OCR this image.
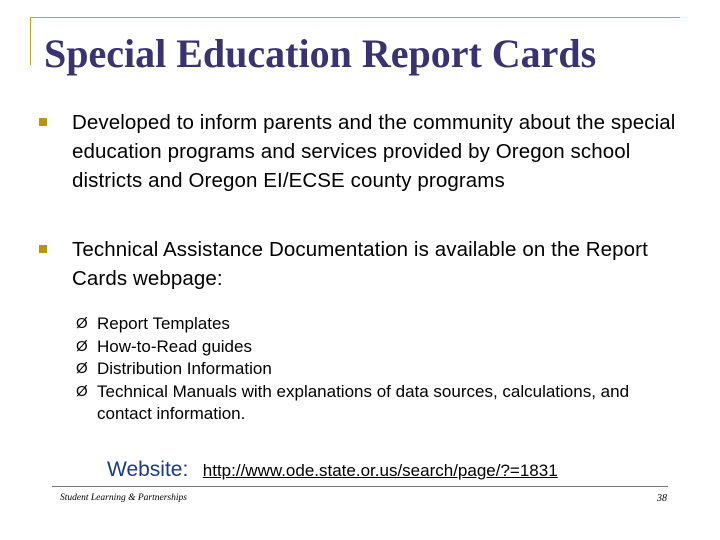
Special Education Report Cards
Developed to inform parents and the community about the special education programs and services provided by Oregon school districts and Oregon EI/ECSE county programs
Technical Assistance Documentation is available on the Report Cards webpage:
Ø Report Templates
Ø How-to-Read guides
Ø Distribution Information
Ø Technical Manuals with explanations of data sources, calculations, and contact information.
Website: http://www.ode.state.or.us/search/page/?=1831
Student Learning & Partnerships	38
